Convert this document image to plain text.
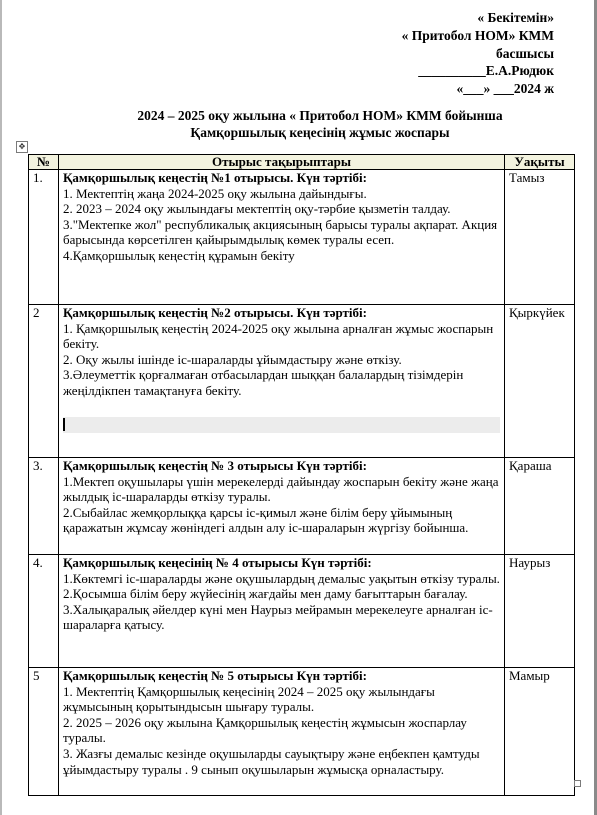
« Бекітемін»
« Притобол НОМ» КММ
басшысы
__________Е.А.Рюдюк
«___» ___2024 ж
2024 – 2025 оқу жылына « Притобол НОМ» КММ бойынша
Қамқоршылық кеңесінің жұмыс жоспары
✥
№	Отырыс тақырыптары	Уақыты
1.	Қамқоршылық кеңестің №1 отырысы. Күн тәртібі:
1. Мектептің жаңа 2024-2025 оқу жылына дайындығы.
2. 2023 – 2024 оқу жылындағы мектептің оқу-тәрбие қызметін талдау.
3."Мектепке жол" республикалық акциясының барысы туралы ақпарат. Акция барысында көрсетілген қайырымдылық көмек туралы есеп.
4.Қамқоршылық кеңестің құрамын бекіту	Тамыз
2	Қамқоршылық кеңестің №2 отырысы. Күн тәртібі:
1. Қамқоршылық кеңестің 2024-2025 оқу жылына арналған жұмыс жоспарын бекіту.
2. Оқу жылы ішінде іс-шараларды ұйымдастыру және өткізу.
3.Әлеуметтік қорғалмаған отбасылардан шыққан балалардың тізімдерін жеңілдікпен тамақтануға бекіту.	Қыркүйек
3.	Қамқоршылық кеңестің № 3 отырысы Күн тәртібі:
1.Мектеп оқушылары үшін мерекелерді дайындау жоспарын бекіту және жаңа жылдық іс-шараларды өткізу туралы.
2.Сыбайлас жемқорлыққа қарсы іс-қимыл және білім беру ұйымының қаражатын жұмсау жөніндегі алдын алу іс-шараларын жүргізу бойынша.	Қараша
4.	Қамқоршылық кеңесінің № 4 отырысы Күн тәртібі:
1.Көктемгі іс-шараларды және оқушылардың демалыс уақытын өткізу туралы.
2.Қосымша білім беру жүйесінің жағдайы мен даму бағыттарын бағалау.
3.Халықаралық әйелдер күні мен Наурыз мейрамын мерекелеуге арналған іс-шараларға қатысу.	Наурыз
5	Қамқоршылық кеңестің № 5 отырысы Күн тәртібі:
1. Мектептің Қамқоршылық кеңесінің 2024 – 2025 оқу жылындағы жұмысының қорытындысын шығару туралы.
2. 2025 – 2026 оқу жылына Қамқоршылық кеңестің жұмысын жоспарлау туралы.
3. Жазғы демалыс кезінде оқушыларды сауықтыру және еңбекпен қамтуды ұйымдастыру туралы . 9 сынып оқушыларын жұмысқа орналастыру.	Мамыр
